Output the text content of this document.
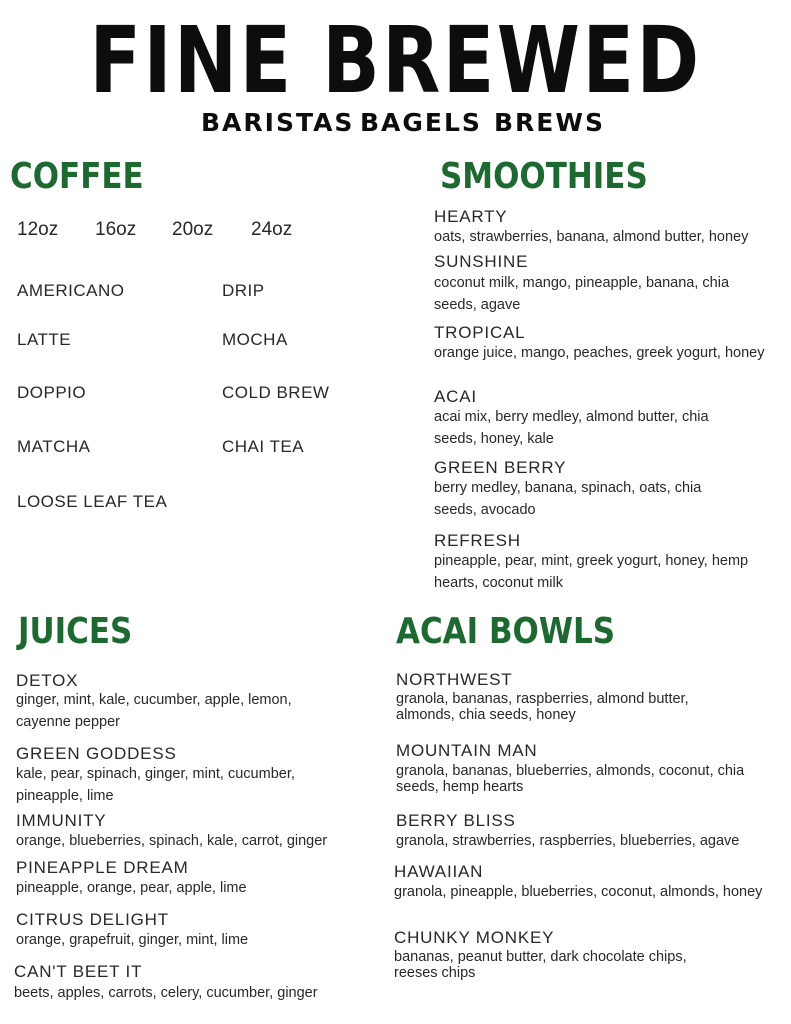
FINE BREWED
BARISTAS BAGELS BREWS
COFFEE
12oz 16oz 20oz 24oz
AMERICANO	DRIP
LATTE	MOCHA
DOPPIO	COLD BREW
MATCHA	CHAI TEA
LOOSE LEAF TEA
SMOOTHIES
HEARTY
oats, strawberries, banana, almond butter, honey
SUNSHINE
coconut milk, mango, pineapple, banana, chia seeds, agave
TROPICAL
orange juice, mango, peaches, greek yogurt, honey
ACAI
acai mix, berry medley, almond butter, chia seeds, honey, kale
GREEN BERRY
berry medley, banana, spinach, oats, chia seeds, avocado
REFRESH
pineapple, pear, mint, greek yogurt, honey, hemp hearts, coconut milk
JUICES
DETOX
ginger, mint, kale, cucumber, apple, lemon, cayenne pepper
GREEN GODDESS
kale, pear, spinach, ginger, mint, cucumber, pineapple, lime
IMMUNITY
orange, blueberries, spinach, kale, carrot, ginger
PINEAPPLE DREAM
pineapple, orange, pear, apple, lime
CITRUS DELIGHT
orange, grapefruit, ginger, mint, lime
CAN'T BEET IT
beets, apples, carrots, celery, cucumber, ginger
ACAI BOWLS
NORTHWEST
granola, bananas, raspberries, almond butter, almonds, chia seeds, honey
MOUNTAIN MAN
granola, bananas, blueberries, almonds, coconut, chia seeds, hemp hearts
BERRY BLISS
granola, strawberries, raspberries, blueberries, agave
HAWAIIAN
granola, pineapple, blueberries, coconut, almonds, honey
CHUNKY MONKEY
bananas, peanut butter, dark chocolate chips, reeses chips
